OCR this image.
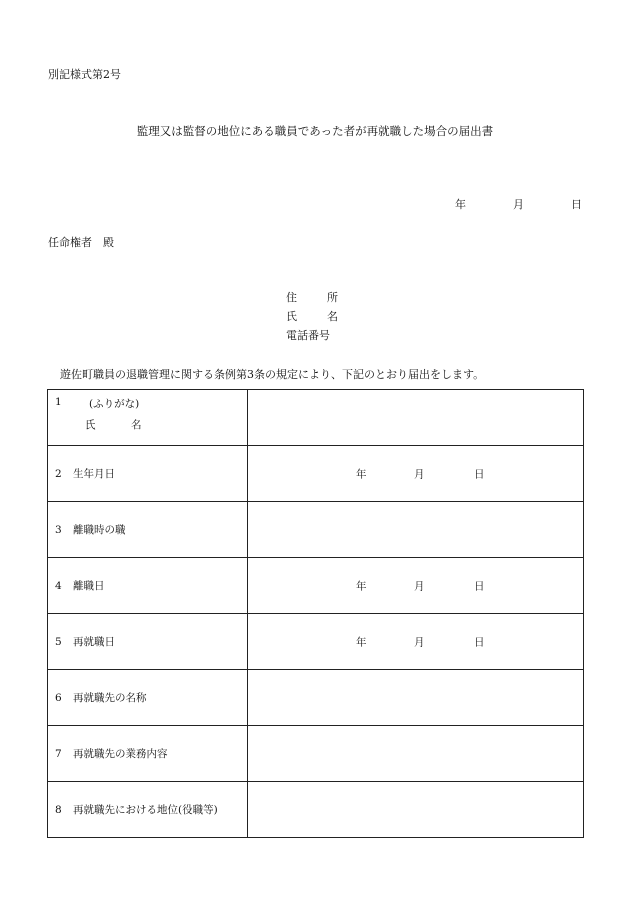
別記様式第2号
監理又は監督の地位にある職員であった者が再就職した場合の届出書
年	月	日
任命権者　殿
住	所
氏	名
電話番号
遊佐町職員の退職管理に関する条例第3条の規定により、下記のとおり届出をします。
1 (ふりがな)
氏 名	

2 生年月日	年 月 日

3 離職時の職	
4 離職日	年 月 日

5 再就職日	年 月 日

6 再就職先の名称	
7 再就職先の業務内容	
8 再就職先における地位(役職等)	
